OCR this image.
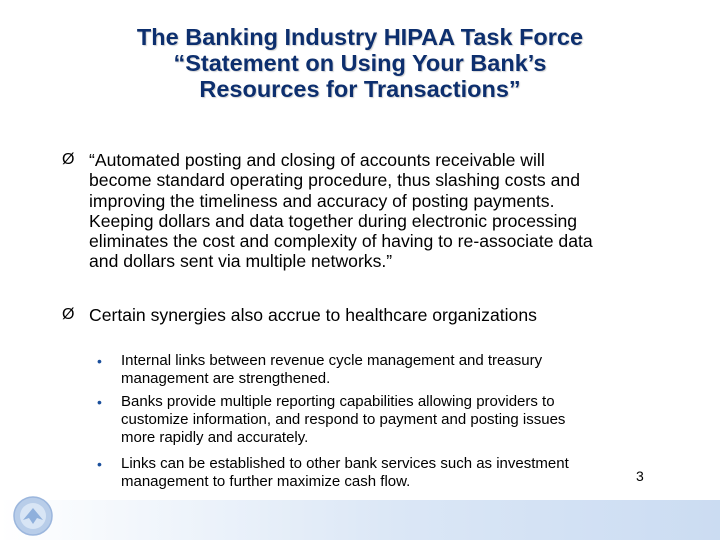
The Banking Industry HIPAA Task Force
“Statement on Using Your Bank’s
Resources for Transactions”
Ø “Automated posting and closing of accounts receivable will
become standard operating procedure, thus slashing costs and
improving the timeliness and accuracy of posting payments.
Keeping dollars and data together during electronic processing
eliminates the cost and complexity of having to re-associate data
and dollars sent via multiple networks.”
Ø Certain synergies also accrue to healthcare organizations
• Internal links between revenue cycle management and treasury
management are strengthened.
• Banks provide multiple reporting capabilities allowing providers to
customize information, and respond to payment and posting issues
more rapidly and accurately.
• Links can be established to other bank services such as investment
management to further maximize cash flow.	3
